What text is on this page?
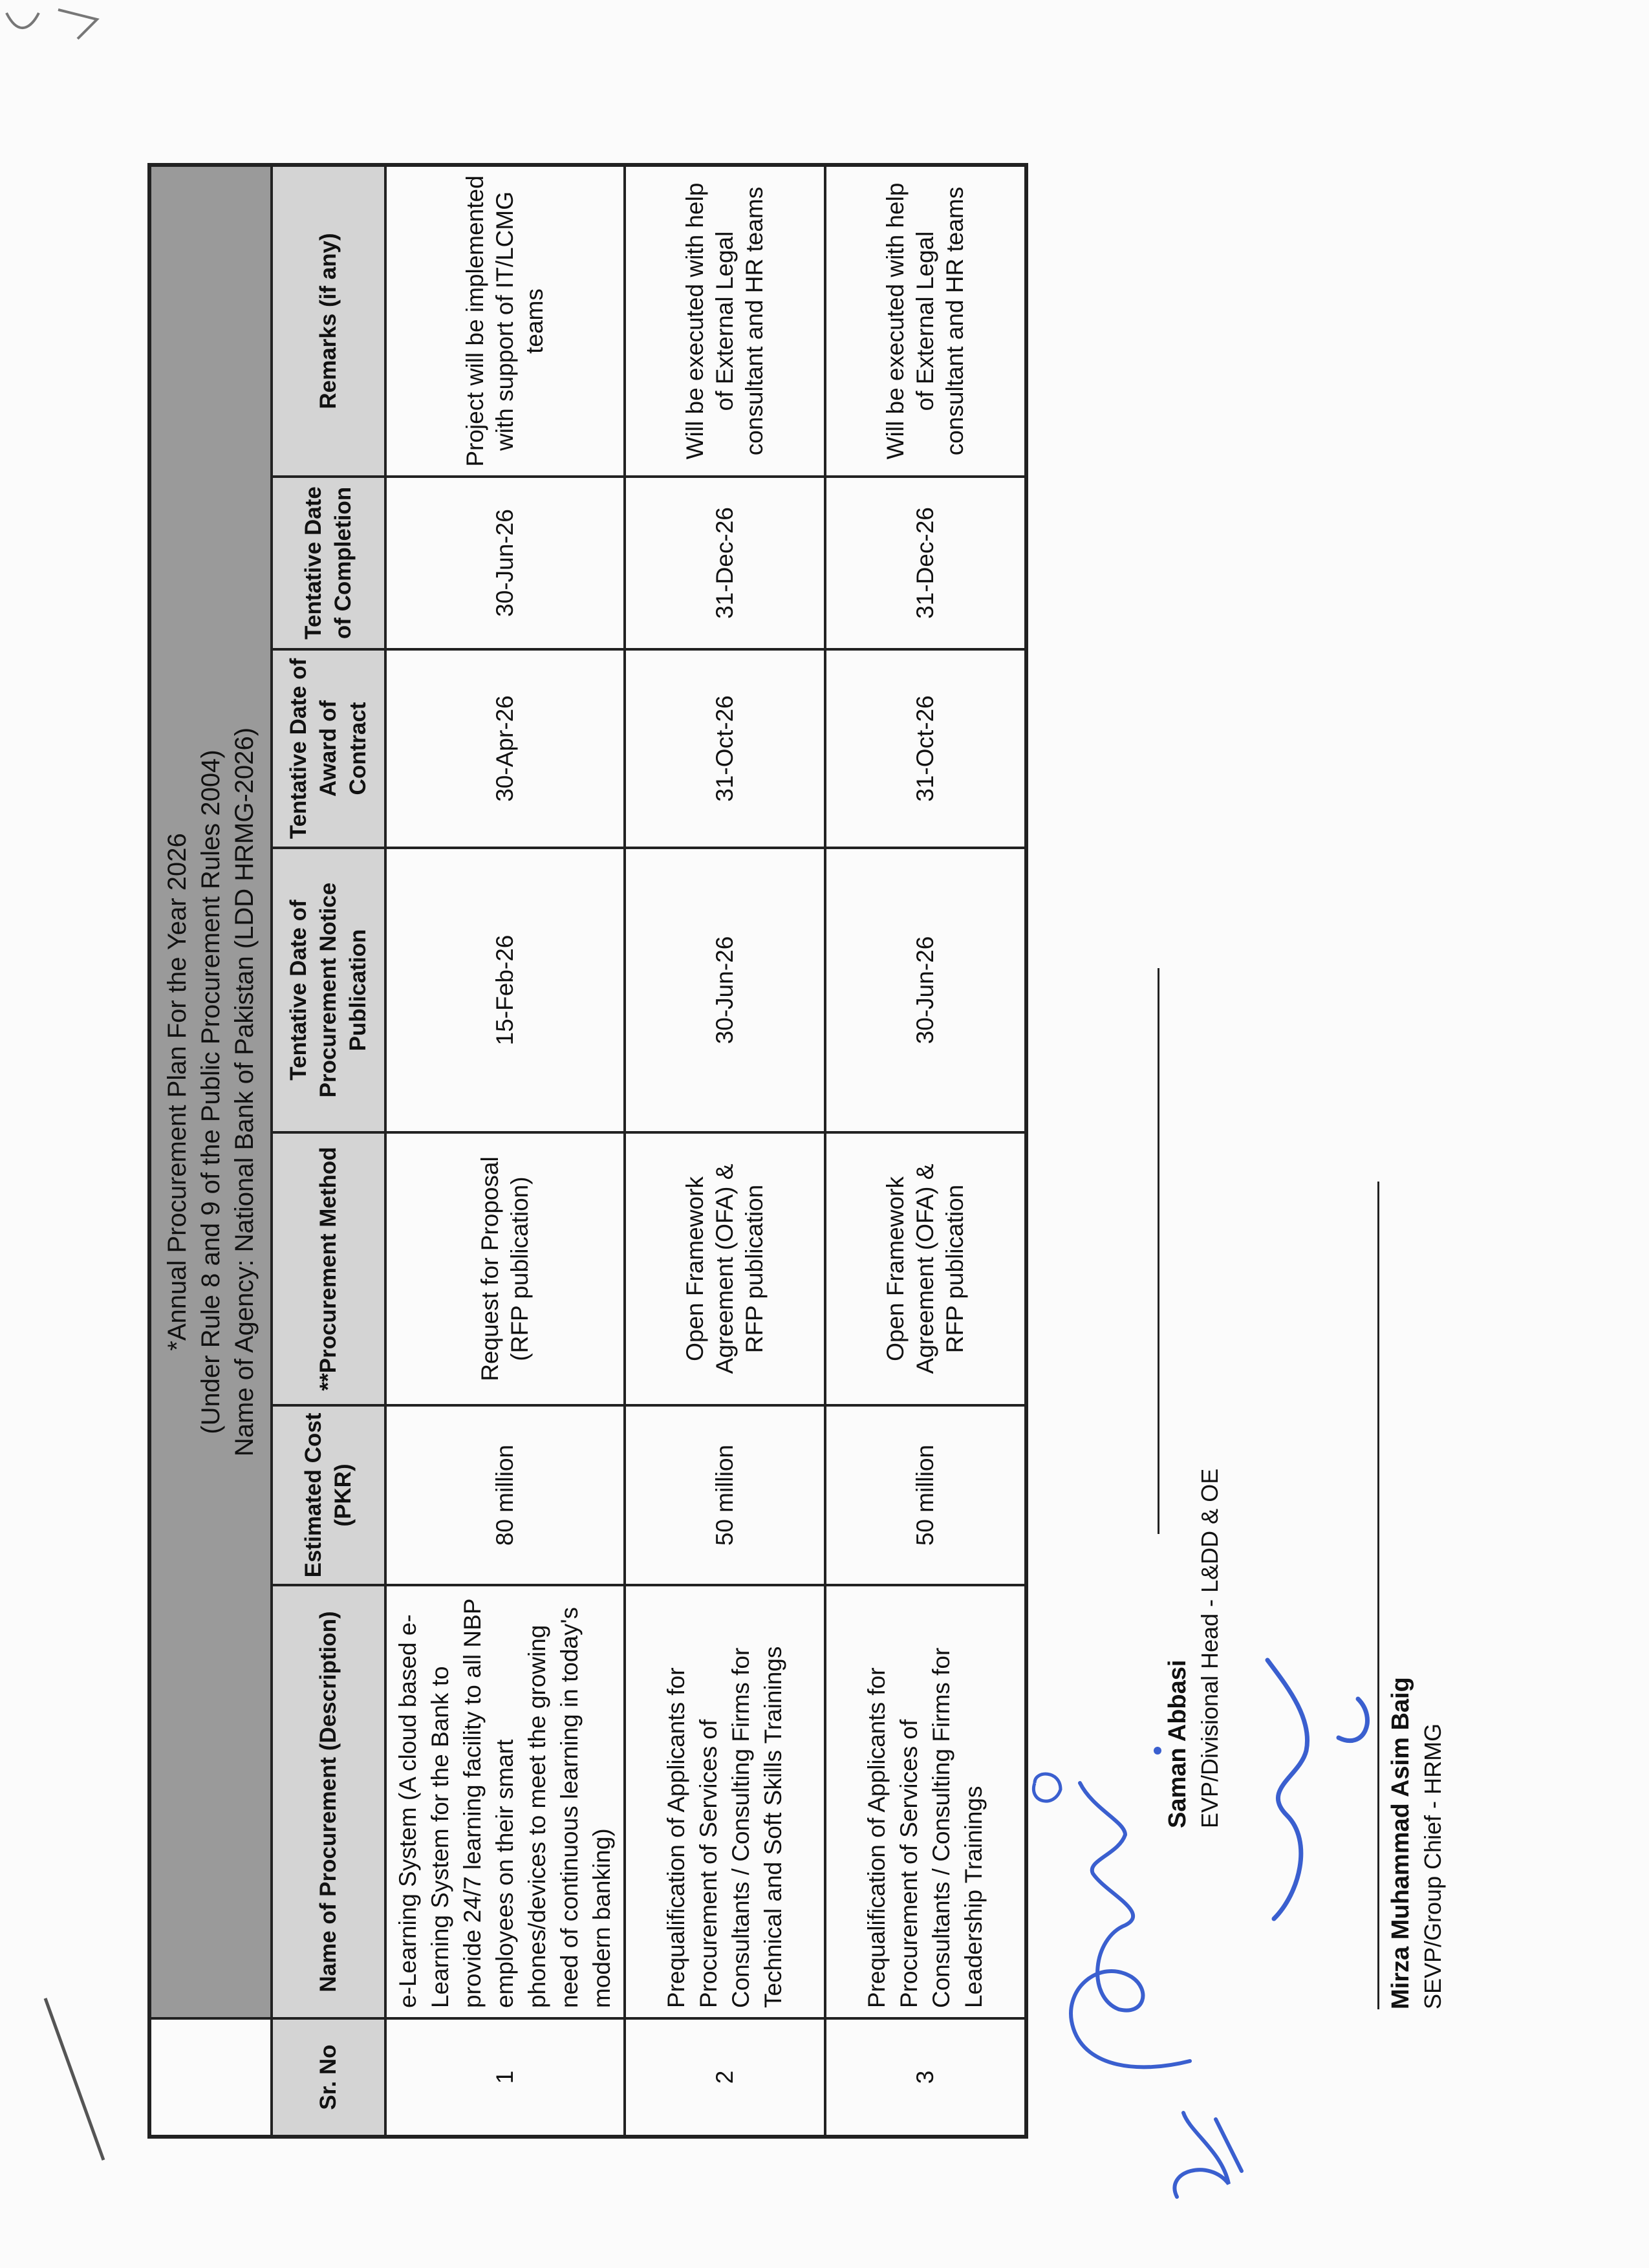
	*Annual Procurement Plan For the Year 2026 (Under Rule 8 and 9 of the Public Procurement Rules 2004) Name of Agency: National Bank of Pakistan (LDD HRMG-2026)						

Sr. No	Name of Procurement (Description)	Estimated Cost (PKR)	**Procurement Method	Tentative Date of Procurement Notice Publication	Tentative Date of Award of Contract	Tentative Date of Completion	Remarks (if any)
1	e-Learning System (A cloud based e-Learning System for the Bank to provide 24/7 learning facility to all NBP employees on their smart phones/devices to meet the growing need of continuous learning in today's modern banking)	80 million	Request for Proposal (RFP publication)	15-Feb-26	30-Apr-26	30-Jun-26	Project will be implemented with support of IT/LCMG teams
2	Prequalification of Applicants for Procurement of Services of Consultants / Consulting Firms for Technical and Soft Skills Trainings	50 million	Open Framework Agreement (OFA) & RFP publication	30-Jun-26	31-Oct-26	31-Dec-26	Will be executed with help of External Legal consultant and HR teams
3	Prequalification of Applicants for Procurement of Services of Consultants / Consulting Firms for Leadership Trainings	50 million	Open Framework Agreement (OFA) & RFP publication	30-Jun-26	31-Oct-26	31-Dec-26	Will be executed with help of External Legal consultant and HR teams
Saman Abbasi EVP/Divisional Head - L&DD & OE
Mirza Muhammad Asim Baig SEVP/Group Chief - HRMG
